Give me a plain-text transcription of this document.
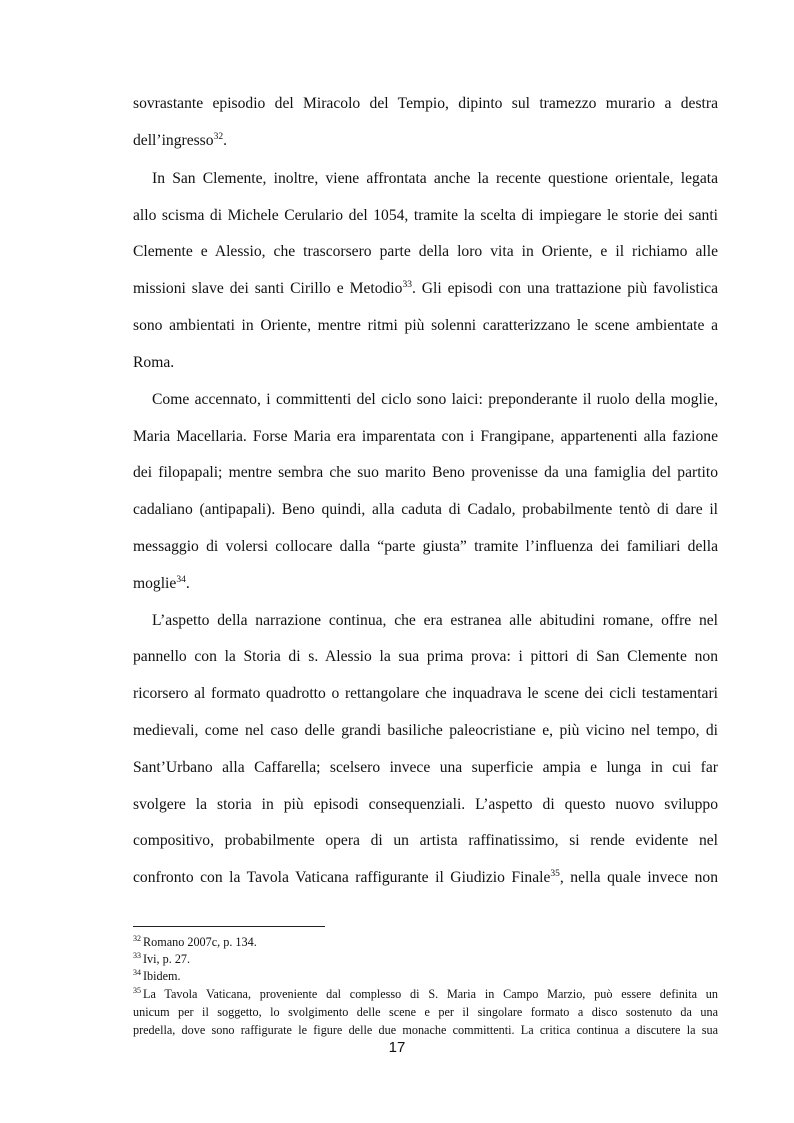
sovrastante episodio del Miracolo del Tempio, dipinto sul tramezzo murario a destra
dell’ingresso$^{32}$.
In San Clemente, inoltre, viene affrontata anche la recente questione orientale, legata
allo scisma di Michele Cerulario del 1054, tramite la scelta di impiegare le storie dei santi
Clemente e Alessio, che trascorsero parte della loro vita in Oriente, e il richiamo alle
missioni slave dei santi Cirillo e Metodio$^{33}$. Gli episodi con una trattazione più favolistica
sono ambientati in Oriente, mentre ritmi più solenni caratterizzano le scene ambientate a
Roma.
Come accennato, i committenti del ciclo sono laici: preponderante il ruolo della moglie,
Maria Macellaria. Forse Maria era imparentata con i Frangipane, appartenenti alla fazione
dei filopapali; mentre sembra che suo marito Beno provenisse da una famiglia del partito
cadaliano (antipapali). Beno quindi, alla caduta di Cadalo, probabilmente tentò di dare il
messaggio di volersi collocare dalla “parte giusta” tramite l’influenza dei familiari della
moglie$^{34}$.
L’aspetto della narrazione continua, che era estranea alle abitudini romane, offre nel
pannello con la Storia di s. Alessio la sua prima prova: i pittori di San Clemente non
ricorsero al formato quadrotto o rettangolare che inquadrava le scene dei cicli testamentari
medievali, come nel caso delle grandi basiliche paleocristiane e, più vicino nel tempo, di
Sant’Urbano alla Caffarella; scelsero invece una superficie ampia e lunga in cui far
svolgere la storia in più episodi consequenziali. L’aspetto di questo nuovo sviluppo
compositivo, probabilmente opera di un artista raffinatissimo, si rende evidente nel
confronto con la Tavola Vaticana raffigurante il Giudizio Finale$^{35}$, nella quale invece non
$^{32}$ Romano 2007c, p. 134.
$^{33}$ Ivi, p. 27.
$^{34}$ Ibidem.
$^{35}$ La Tavola Vaticana, proveniente dal complesso di S. Maria in Campo Marzio, può essere definita un
unicum per il soggetto, lo svolgimento delle scene e per il singolare formato a disco sostenuto da una
predella, dove sono raffigurate le figure delle due monache committenti. La critica continua a discutere la sua
17
